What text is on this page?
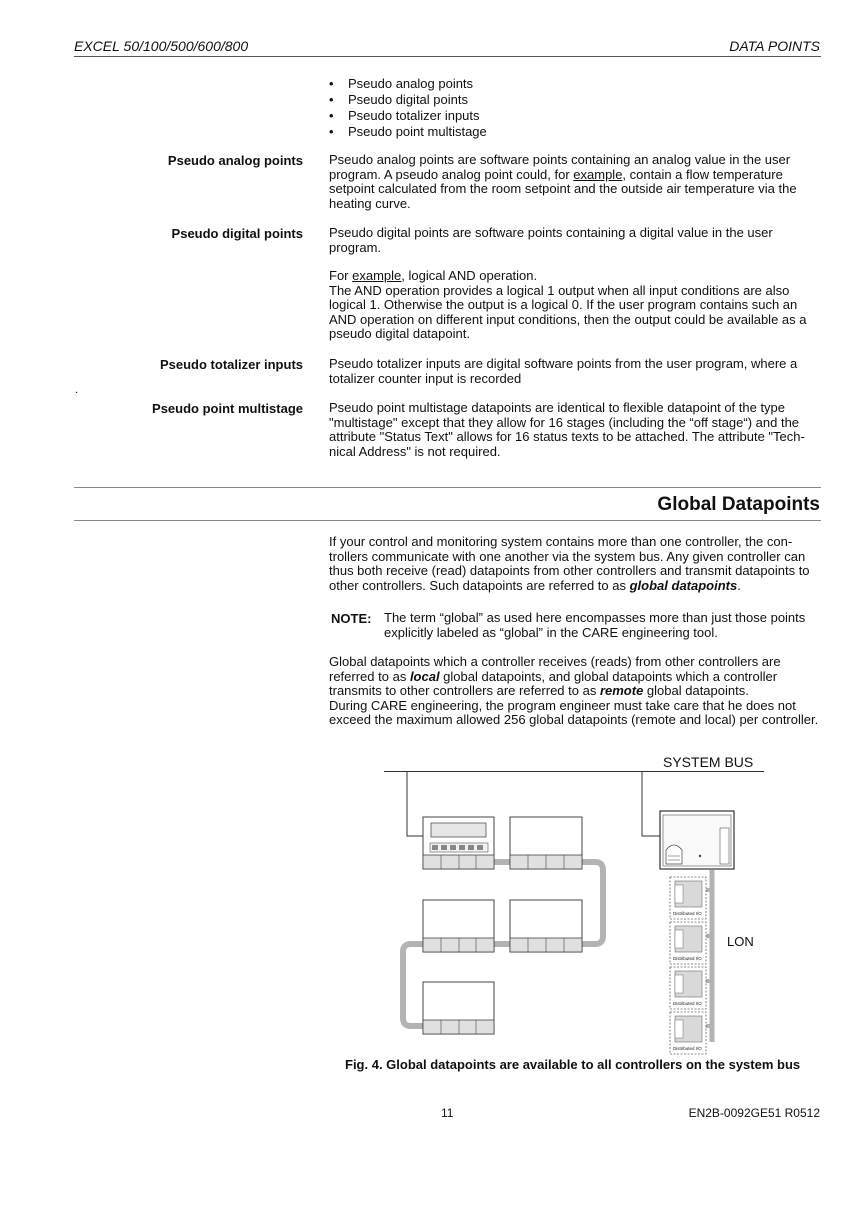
EXCEL 50/100/500/600/800	DATA POINTS
• Pseudo analog points
• Pseudo digital points
• Pseudo totalizer inputs
• Pseudo point multistage
Pseudo analog points Pseudo analog points are software points containing an analog value in the user program. A pseudo analog point could, for example, contain a flow temperature setpoint calculated from the room setpoint and the outside air temperature via the heating curve.

Pseudo digital points Pseudo digital points are software points containing a digital value in the user program.

For example, logical AND operation.

The AND operation provides a logical 1 output when all input conditions are also logical 1. Otherwise the output is a logical 0. If the user program contains such an AND operation on different input conditions, then the output could be available as a pseudo digital datapoint.

Pseudo totalizer inputs Pseudo totalizer inputs are digital software points from the user program, where a totalizer counter input is recorded

.
Pseudo point multistage Pseudo point multistage datapoints are identical to flexible datapoint of the type "multistage" except that they allow for 16 stages (including the “off stage“) and the attribute "Status Text" allows for 16 status texts to be attached. The attribute "Tech-nical Address" is not required.

Global Datapoints

If your control and monitoring system contains more than one controller, the con-trollers communicate with one another via the system bus. Any given controller can thus both receive (read) datapoints from other controllers and transmit datapoints to other controllers. Such datapoints are referred to as global datapoints.

NOTE: The term “global” as used here encompasses more than just those points explicitly labeled as “global” in the CARE engineering tool.

Global datapoints which a controller receives (reads) from other controllers are referred to as local global datapoints, and global datapoints which a controller transmits to other controllers are referred to as remote global datapoints.

During CARE engineering, the program engineer must take care that he does not exceed the maximum allowed 256 global datapoints (remote and local) per controller.

SYSTEM BUS
Distributed I/O
Distributed I/O
Distributed I/O
Distributed I/O
LON
Fig. 4. Global datapoints are available to all controllers on the system bus
11	EN2B-0092GE51 R0512
